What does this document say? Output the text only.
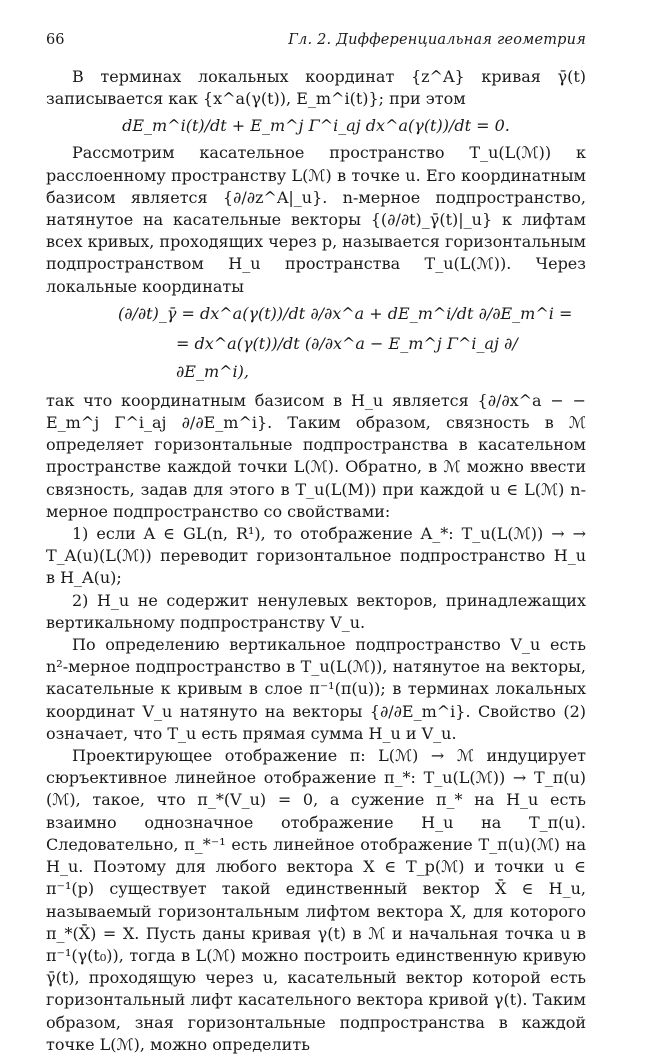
66	Гл. 2. Дифференциальная геометрия

В терминах локальных координат {z^A} кривая γ̄(t) записывается как {x^a(γ(t)), E_m^i(t)}; при этом

dE_m^i(t)/dt + E_m^j Γ^i_aj dx^a(γ(t))/dt = 0.

Рассмотрим касательное пространство T_u(L(ℳ)) к расслоенному пространству L(ℳ) в точке u. Его координатным базисом является {∂/∂z^A|_u}. n-мерное подпространство, натянутое на касательные векторы {(∂/∂t)_γ̄(t)|_u} к лифтам всех кривых, проходящих через p, называется горизонтальным подпространством H_u пространства T_u(L(ℳ)). Через локальные координаты

(∂/∂t)_γ̄ = dx^a(γ(t))/dt ∂/∂x^a + dE_m^i/dt ∂/∂E_m^i =
= dx^a(γ(t))/dt (∂/∂x^a − E_m^j Γ^i_aj ∂/∂E_m^i),

так что координатным базисом в H_u является {∂/∂x^a − − E_m^j Γ^i_aj ∂/∂E_m^i}. Таким образом, связность в ℳ определяет горизонтальные подпространства в касательном пространстве каждой точки L(ℳ). Обратно, в ℳ можно ввести связность, задав для этого в T_u(L(M)) при каждой u ∈ L(ℳ) n-мерное подпространство со свойствами:

1) если A ∈ GL(n, R¹), то отображение A_*: T_u(L(ℳ)) → → T_A(u)(L(ℳ)) переводит горизонтальное подпространство H_u в H_A(u);

2) H_u не содержит ненулевых векторов, принадлежащих вертикальному подпространству V_u.

По определению вертикальное подпространство V_u есть n²-мерное подпространство в T_u(L(ℳ)), натянутое на векторы, касательные к кривым в слое π⁻¹(π(u)); в терминах локальных координат V_u натянуто на векторы {∂/∂E_m^i}. Свойство (2) означает, что T_u есть прямая сумма H_u и V_u.

Проектирующее отображение π: L(ℳ) → ℳ индуцирует сюръективное линейное отображение π_*: T_u(L(ℳ)) → T_π(u)(ℳ), такое, что π_*(V_u) = 0, а сужение π_* на H_u есть взаимно однозначное отображение H_u на T_π(u). Следовательно, π_*⁻¹ есть линейное отображение T_π(u)(ℳ) на H_u. Поэтому для любого вектора X ∈ T_p(ℳ) и точки u ∈ π⁻¹(p) существует такой единственный вектор X̄ ∈ H_u, называемый горизонтальным лифтом вектора X, для которого π_*(X̄) = X. Пусть даны кривая γ(t) в ℳ и начальная точка u в π⁻¹(γ(t₀)), тогда в L(ℳ) можно построить единственную кривую γ̄(t), проходящую через u, касательный вектор которой есть горизонтальный лифт касательного вектора кривой γ(t). Таким образом, зная горизонтальные подпространства в каждой точке L(ℳ), можно определить
